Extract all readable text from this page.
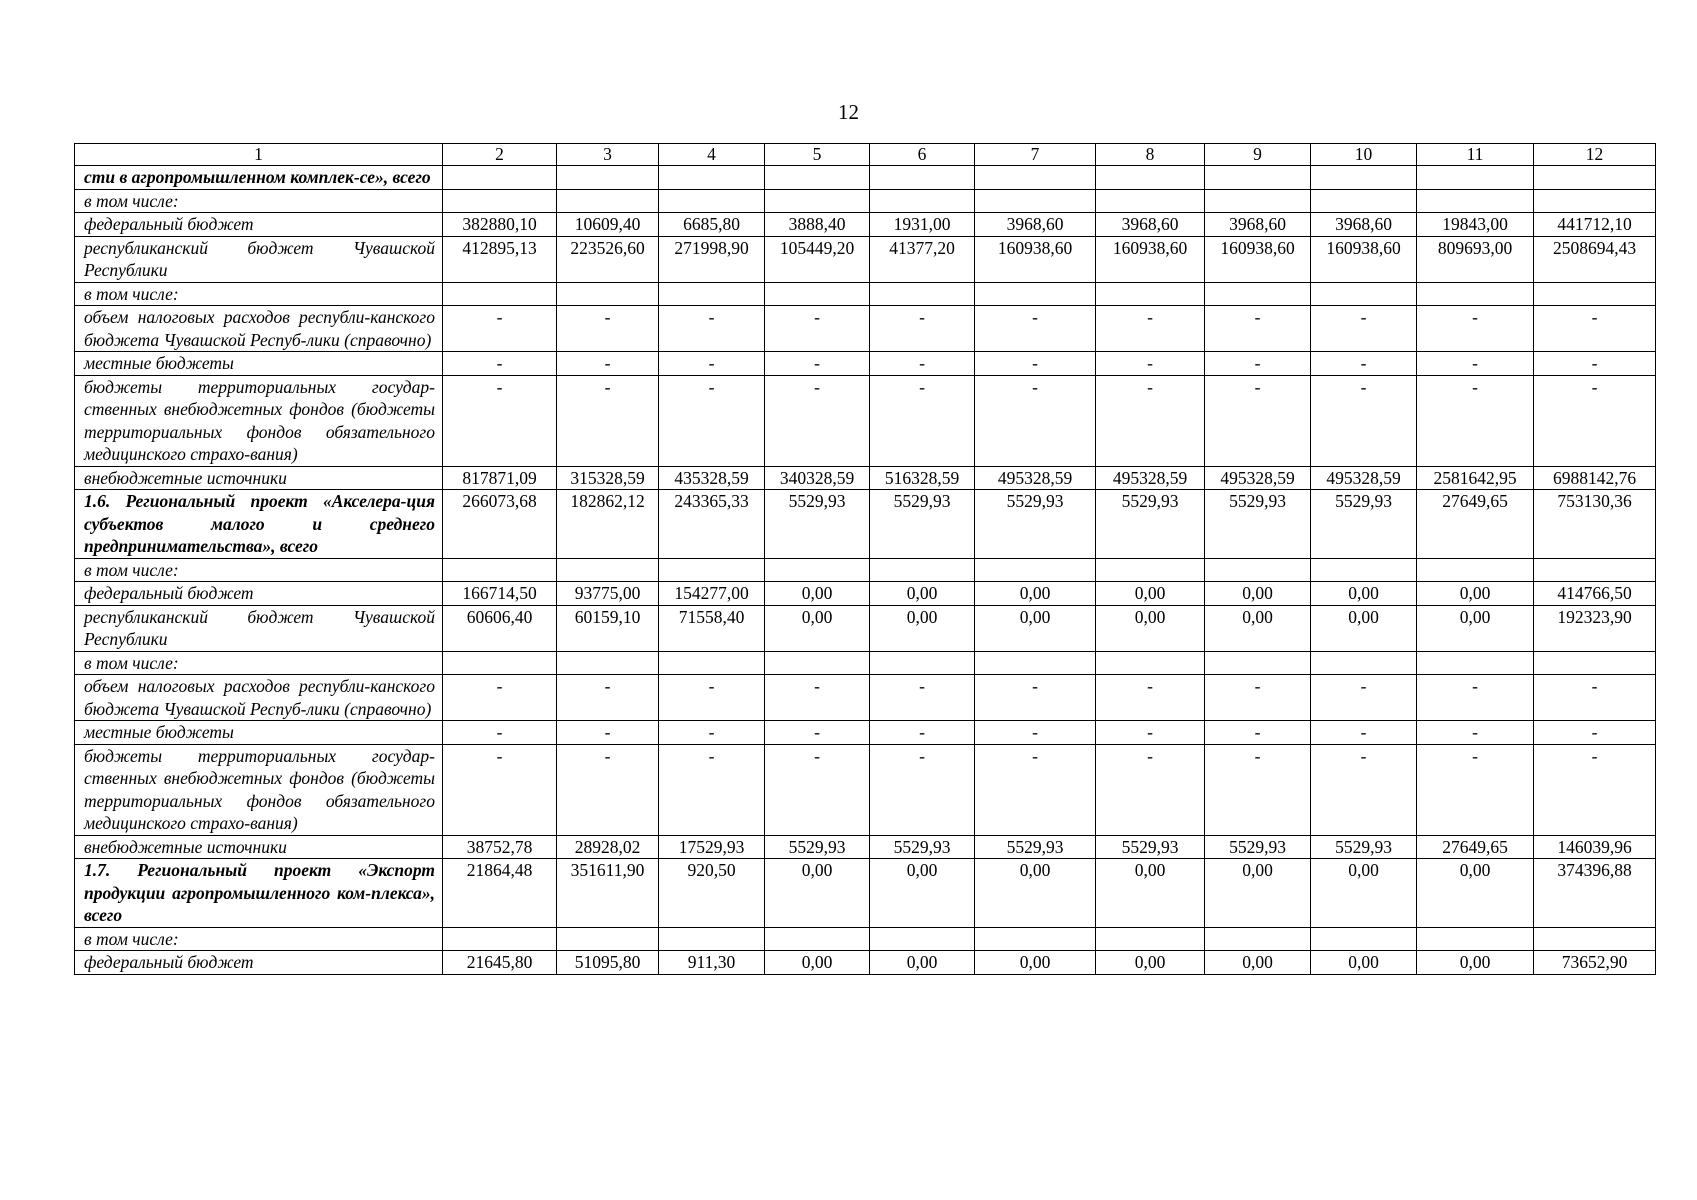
12
1	2	3	4	5	6	7	8	9	10	11	12
сти в агропромышленном комплек-се», всего											
в том числе:											
федеральный бюджет	382880,10	10609,40	6685,80	3888,40	1931,00	3968,60	3968,60	3968,60	3968,60	19843,00	441712,10
республиканский бюджет Чувашской Республики	412895,13	223526,60	271998,90	105449,20	41377,20	160938,60	160938,60	160938,60	160938,60	809693,00	2508694,43
в том числе:											
объем налоговых расходов республи-канского бюджета Чувашской Респуб-лики (справочно)	-	-	-	-	-	-	-	-	-	-	-
местные бюджеты	-	-	-	-	-	-	-	-	-	-	-
бюджеты территориальных государ-ственных внебюджетных фондов (бюджеты территориальных фондов обязательного медицинского страхо-вания)	-	-	-	-	-	-	-	-	-	-	-
внебюджетные источники	817871,09	315328,59	435328,59	340328,59	516328,59	495328,59	495328,59	495328,59	495328,59	2581642,95	6988142,76
1.6. Региональный проект «Акселера-ция субъектов малого и среднего предпринимательства», всего	266073,68	182862,12	243365,33	5529,93	5529,93	5529,93	5529,93	5529,93	5529,93	27649,65	753130,36
в том числе:											
федеральный бюджет	166714,50	93775,00	154277,00	0,00	0,00	0,00	0,00	0,00	0,00	0,00	414766,50
республиканский бюджет Чувашской Республики	60606,40	60159,10	71558,40	0,00	0,00	0,00	0,00	0,00	0,00	0,00	192323,90
в том числе:											
объем налоговых расходов республи-канского бюджета Чувашской Респуб-лики (справочно)	-	-	-	-	-	-	-	-	-	-	-
местные бюджеты	-	-	-	-	-	-	-	-	-	-	-
бюджеты территориальных государ-ственных внебюджетных фондов (бюджеты территориальных фондов обязательного медицинского страхо-вания)	-	-	-	-	-	-	-	-	-	-	-
внебюджетные источники	38752,78	28928,02	17529,93	5529,93	5529,93	5529,93	5529,93	5529,93	5529,93	27649,65	146039,96
1.7. Региональный проект «Экспорт продукции агропромышленного ком-плекса», всего	21864,48	351611,90	920,50	0,00	0,00	0,00	0,00	0,00	0,00	0,00	374396,88
в том числе:											
федеральный бюджет	21645,80	51095,80	911,30	0,00	0,00	0,00	0,00	0,00	0,00	0,00	73652,90
